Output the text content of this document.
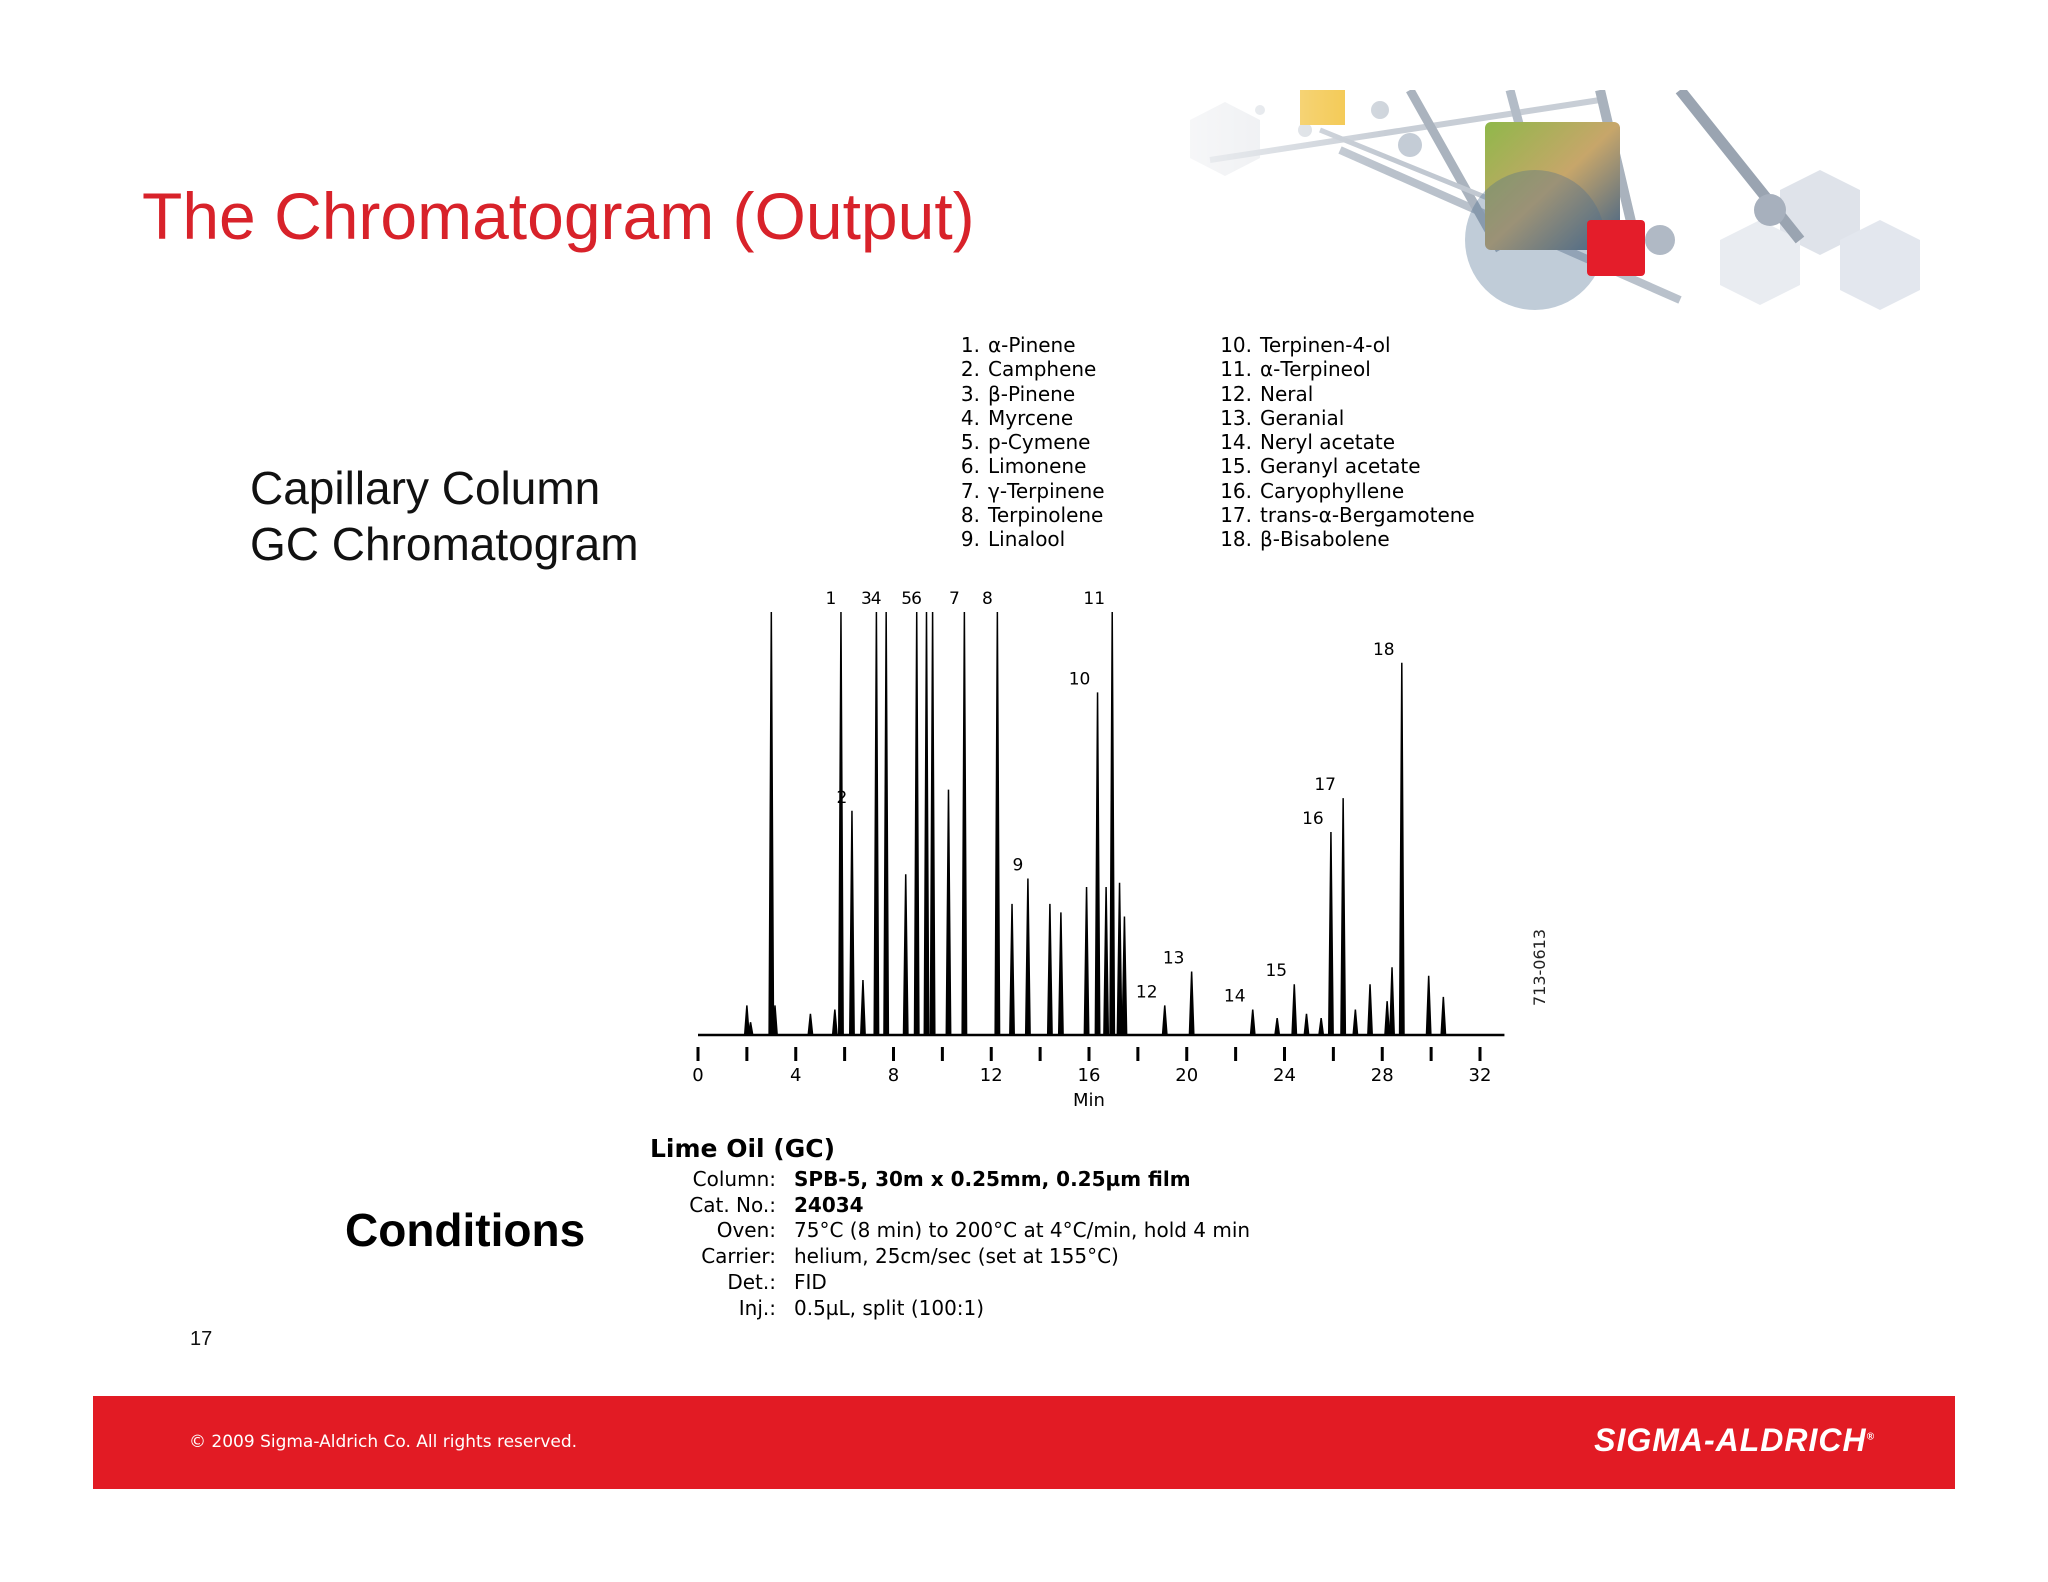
The Chromatogram (Output)
Capillary Column
GC Chromatogram
1. α-Pinene
2. Camphene
3. β-Pinene
4. Myrcene
5. p-Cymene
6. Limonene
7. γ-Terpinene
8. Terpinolene
9. Linalool
10. Terpinen-4-ol
11. α-Terpineol
12. Neral
13. Geranial
14. Neryl acetate
15. Geranyl acetate
16. Caryophyllene
17. trans-α-Bergamotene
18. β-Bisabolene
1
2
3
4 5
6 7 8
9
10
11
12
13
14
15
16
17
18
0	4	8	12	16	20	24	28	32
Min
713-0613
Conditions
Lime Oil (GC)
Column: SPB-5, 30m x 0.25mm, 0.25µm film
Cat. No.: 24034
Oven: 75°C (8 min) to 200°C at 4°C/min, hold 4 min
Carrier: helium, 25cm/sec (set at 155°C)
Det.: FID
Inj.: 0.5µL, split (100:1)
17
© 2009 Sigma-Aldrich Co. All rights reserved.	SIGMA-ALDRICH®
